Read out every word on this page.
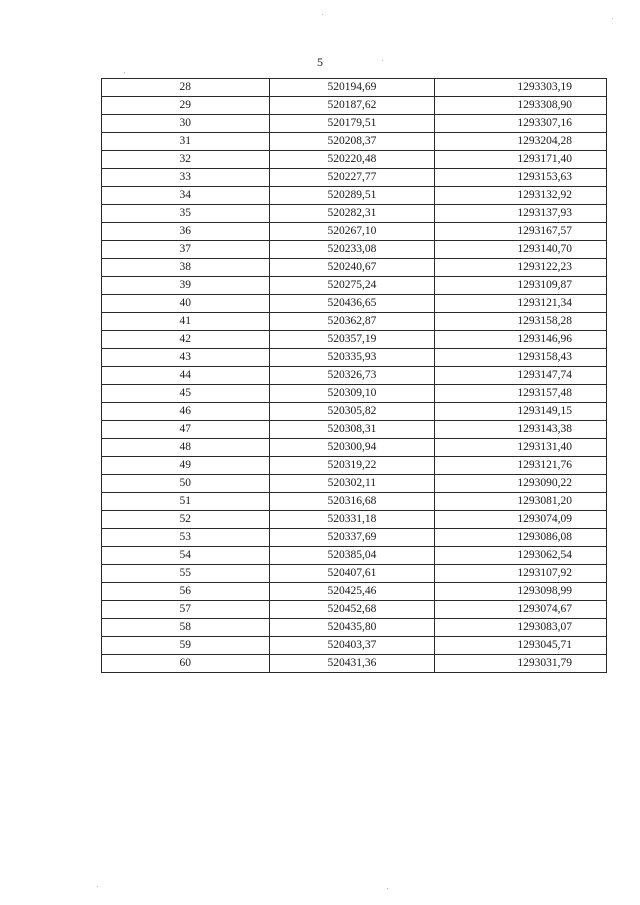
5
28	520194,69	1293303,19
29	520187,62	1293308,90
30	520179,51	1293307,16
31	520208,37	1293204,28
32	520220,48	1293171,40
33	520227,77	1293153,63
34	520289,51	1293132,92
35	520282,31	1293137,93
36	520267,10	1293167,57
37	520233,08	1293140,70
38	520240,67	1293122,23
39	520275,24	1293109,87
40	520436,65	1293121,34
41	520362,87	1293158,28
42	520357,19	1293146,96
43	520335,93	1293158,43
44	520326,73	1293147,74
45	520309,10	1293157,48
46	520305,82	1293149,15
47	520308,31	1293143,38
48	520300,94	1293131,40
49	520319,22	1293121,76
50	520302,11	1293090,22
51	520316,68	1293081,20
52	520331,18	1293074,09
53	520337,69	1293086,08
54	520385,04	1293062,54
55	520407,61	1293107,92
56	520425,46	1293098,99
57	520452,68	1293074,67
58	520435,80	1293083,07
59	520403,37	1293045,71
60	520431,36	1293031,79
